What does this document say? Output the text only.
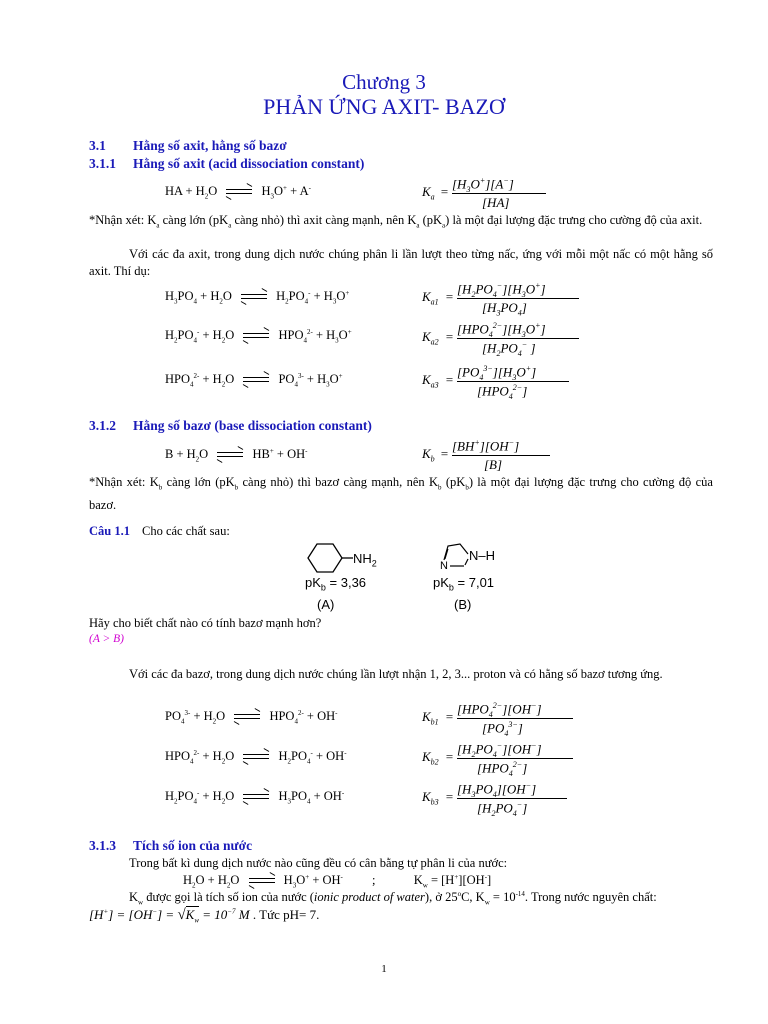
Chương 3
PHẢN ỨNG AXIT- BAZƠ
3.1 Hằng số axit, hằng số bazơ
3.1.1 Hằng số axit (acid dissociation constant)
HA + $H_2O$	$H_3O^+ + A^-$	$K_a$ =
$[H_3O^+][A^-]$
[HA]
*Nhận xét: $K_a$ càng lớn ($pK_a$ càng nhỏ) thì axit càng mạnh, nên $K_a$ $(pK_a)$ là một đại lượng đặc trưng cho cường độ của axit.
Với các đa axit, trong dung dịch nước chúng phân li lần lượt theo từng nấc, ứng với mỗi một nấc có một hằng số axit. Thí dụ:
$H_3PO_4 + H_2O$	$H_2PO_4^- + H_3O^+$	$K_{a1}$ =
$[H_2PO_4^-][H_3O^+]$
$[H_3PO_4]$
$H_2PO_4^- + H_2O$	$HPO_4^{2-} + H_3O^+$	$K_{a2}$ =
$[HPO_4^{2-}][H_3O^+]$
[$H_2PO_4^-$ ]
$HPO_4^{2-} + H_2O$	$PO_4^{3-} + H_3O^+$	$K_{a3}$ =
$[PO_4^{3-}][H_3O^+]$
$[HPO_4^{2-}]$
3.1.2 Hằng số bazơ (base dissociation constant)
$B + H_2O$	HB+ + OH-	$K_b$ =
[BH+][OH−]
[B]
*Nhận xét: $K_b$ càng lớn ($pK_b$ càng nhỏ) thì bazơ càng mạnh, nên $K_b$ $(pK_b)$ là một đại lượng đặc trưng cho cường độ của bazơ.
Câu 1.1 Cho các chất sau:
$NH_2$
$pK_b = 3,36$
(A)
N–H
N
$pK_b = 7,01$
(B)
Hãy cho biết chất nào có tính bazơ mạnh hơn?
(A > B)
Với các đa bazơ, trong dung dịch nước chúng lần lượt nhận 1, 2, 3... proton và có hằng số bazơ tương ứng.
$PO_4^{3-} + H_2O$	$HPO_4^{2-} + OH^-$	$K_{b1}$ =
$[HPO_4^{2-}][OH^-]$
$[PO_4^{3-}]$
$HPO_4^{2-} + H_2O$	$H_2PO_4^- + OH^-$	$K_{b2}$ =
$[H_2PO_4^-][OH^-]$
$[HPO_4^{2-}]$
$H_2PO_4^- + H_2O$	$H_3PO_4 + OH^-$	$K_{b3}$ =
$[H_3PO_4][OH^-]$
$[H_2PO_4^-]$
3.1.3 Tích số ion của nước
Trong bất kì dung dịch nước nào cũng đều có cân bằng tự phân li của nước:
$H_2O + H_2O$	$H_3O^+ + OH^-$ ;	$K_w = [H^+][OH^-]$
$K_w$ được gọi là tích số ion của nước (ionic product of water), ở 25$^o$C, $K_w = 10^{-14}$. Trong nước nguyên chất:
$[H^+] = [OH^-] = √K_w = 10^{-7}$ M . Tức pH= 7.
1
